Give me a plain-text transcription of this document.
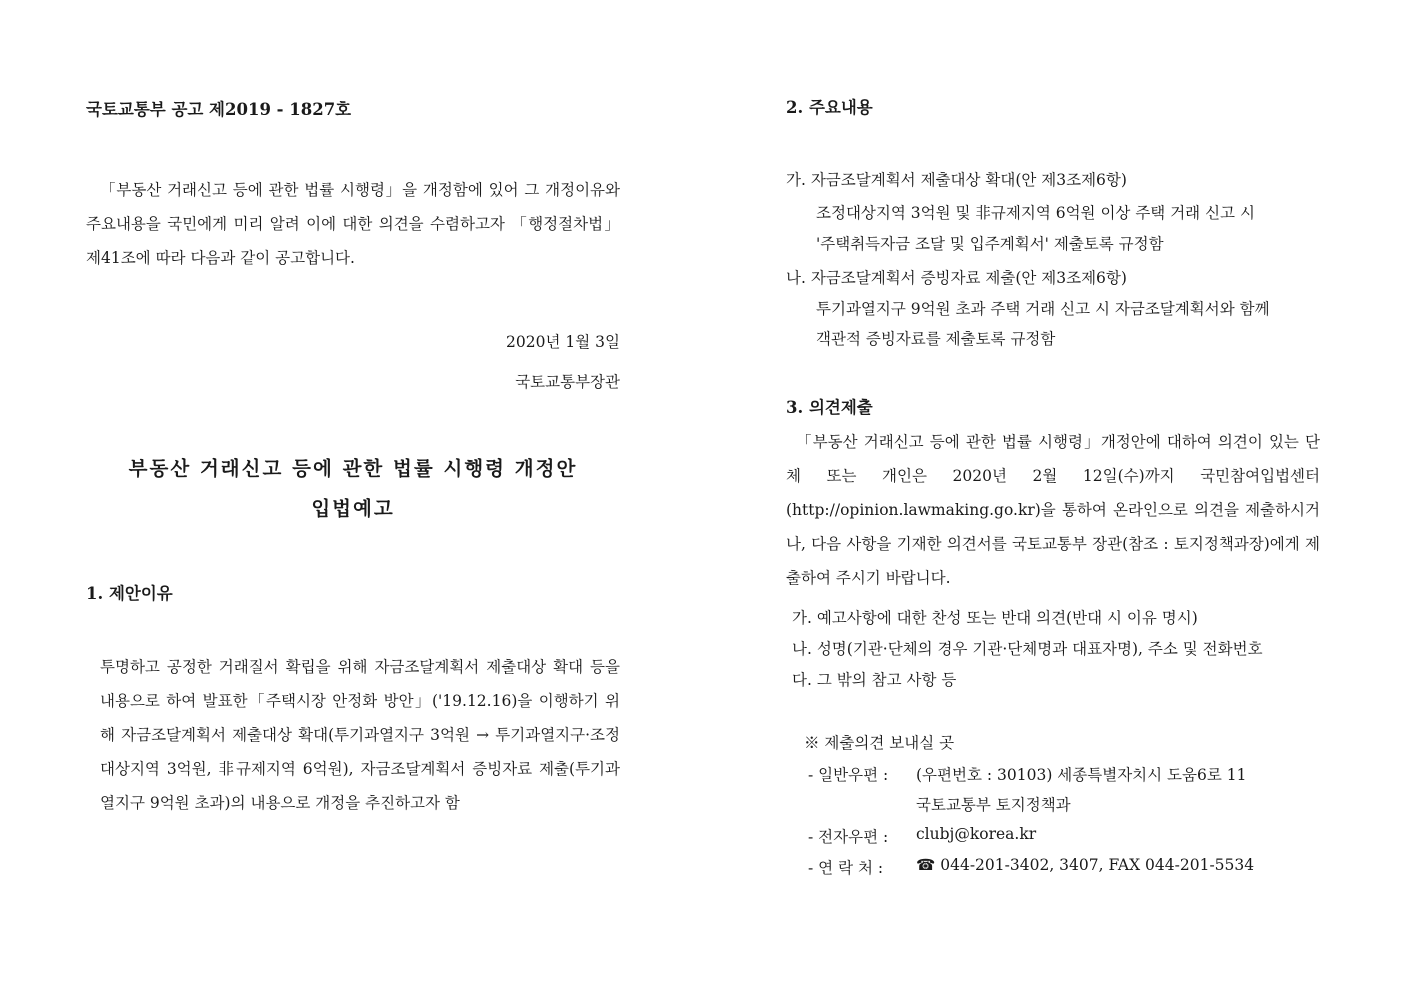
국토교통부 공고 제2019 - 1827호
「부동산 거래신고 등에 관한 법률 시행령」을 개정함에 있어 그 개정이유와 주요내용을 국민에게 미리 알려 이에 대한 의견을 수렴하고자 「행정절차법」 제41조에 따라 다음과 같이 공고합니다.
2020년 1월 3일
국토교통부장관
부동산 거래신고 등에 관한 법률 시행령 개정안
입법예고
1. 제안이유
투명하고 공정한 거래질서 확립을 위해 자금조달계획서 제출대상 확대 등을 내용으로 하여 발표한「주택시장 안정화 방안」('19.12.16)을 이행하기 위해 자금조달계획서 제출대상 확대(투기과열지구 3억원 → 투기과열지구·조정대상지역 3억원, 非규제지역 6억원), 자금조달계획서 증빙자료 제출(투기과열지구 9억원 초과)의 내용으로 개정을 추진하고자 함
2. 주요내용
가. 자금조달계획서 제출대상 확대(안 제3조제6항)
조정대상지역 3억원 및 非규제지역 6억원 이상 주택 거래 신고 시
'주택취득자금 조달 및 입주계획서' 제출토록 규정함
나. 자금조달계획서 증빙자료 제출(안 제3조제6항)
투기과열지구 9억원 초과 주택 거래 신고 시 자금조달계획서와 함께
객관적 증빙자료를 제출토록 규정함
3. 의견제출
「부동산 거래신고 등에 관한 법률 시행령」개정안에 대하여 의견이 있는 단체 또는 개인은 2020년 2월 12일(수)까지 국민참여입법센터(http://opinion.lawmaking.go.kr)을 통하여 온라인으로 의견을 제출하시거나, 다음 사항을 기재한 의견서를 국토교통부 장관(참조 : 토지정책과장)에게 제출하여 주시기 바랍니다.
가. 예고사항에 대한 찬성 또는 반대 의견(반대 시 이유 명시)
나. 성명(기관·단체의 경우 기관·단체명과 대표자명), 주소 및 전화번호
다. 그 밖의 참고 사항 등
※ 제출의견 보내실 곳
- 일반우편 : (우편번호 : 30103) 세종특별자치시 도움6로 11
국토교통부 토지정책과
- 전자우편 : clubj@korea.kr
- 연 락 처 : ☎ 044-201-3402, 3407, FAX 044-201-5534
